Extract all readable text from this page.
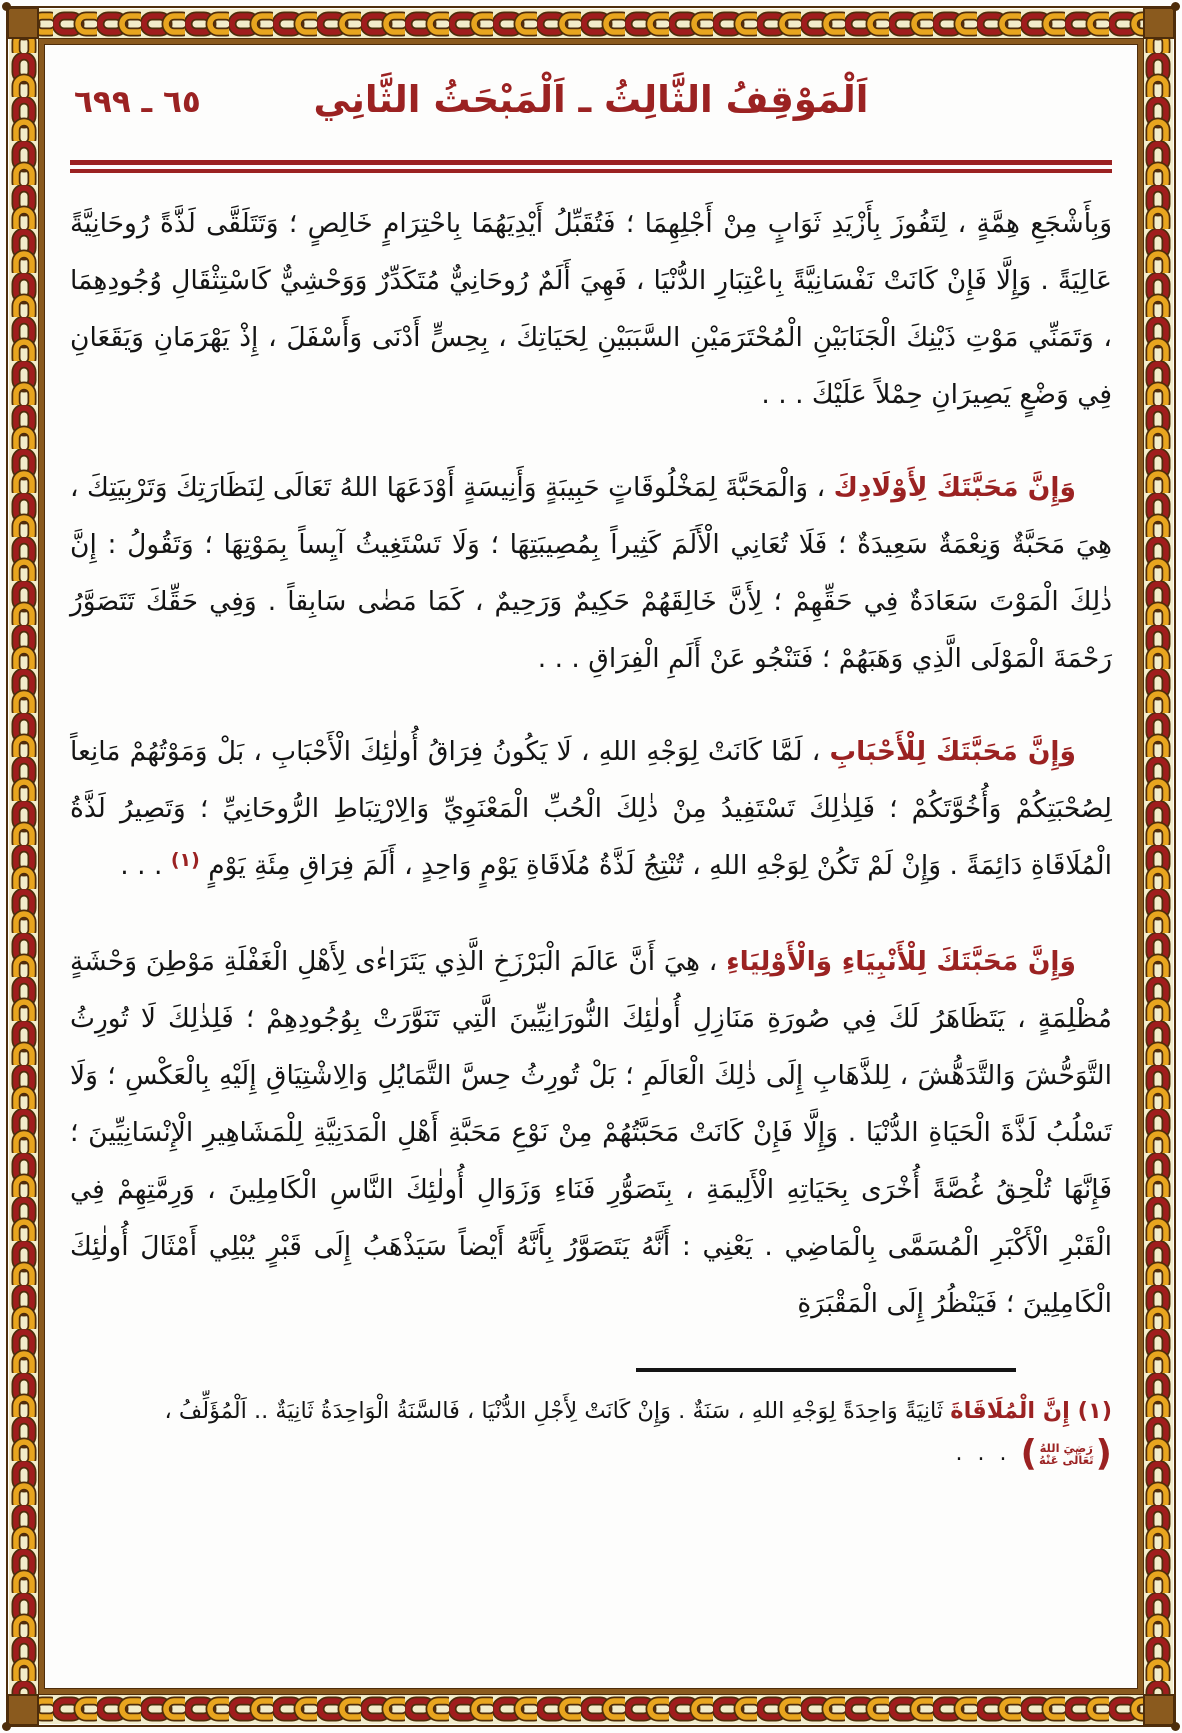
اَلْمَوْقِفُ الثَّالِثُ ـ اَلْمَبْحَثُ الثَّانِي
٦٥ ـ ٦٩٩

وَبِأَشْجَعِ هِمَّةٍ ، لِتَفُوزَ بِأَزْيَدِ ثَوَابٍ مِنْ أَجْلِهِمَا ؛ فَتُقَبِّلُ أَيْدِيَهُمَا بِاحْتِرَامٍ خَالِصٍ ؛ وَتَتَلَقَّى لَذَّةً رُوحَانِيَّةً عَالِيَةً . وَإِلَّا فَإِنْ كَانَتْ نَفْسَانِيَّةً بِاعْتِبَارِ الدُّنْيَا ، فَهِيَ أَلَمٌ رُوحَانِيٌّ مُتَكَدِّرٌ وَوَحْشِيٌّ كَاسْتِثْقَالِ وُجُودِهِمَا ، وَتَمَنِّي مَوْتِ ذَيْنِكَ الْجَنَابَيْنِ الْمُحْتَرَمَيْنِ السَّبَبَيْنِ لِحَيَاتِكَ ، بِحِسٍّ أَدْنَى وَأَسْفَلَ ، إِذْ يَهْرَمَانِ وَيَقَعَانِ فِي وَضْعٍ يَصِيرَانِ حِمْلاً عَلَيْكَ . . .

وَإِنَّ مَحَبَّتَكَ لِأَوْلَادِكَ ، وَالْمَحَبَّةَ لِمَخْلُوقَاتٍ حَبِيبَةٍ وَأَنِيسَةٍ أَوْدَعَهَا اللهُ تَعَالَى لِنَظَارَتِكَ وَتَرْبِيَتِكَ ، هِيَ مَحَبَّةٌ وَنِعْمَةٌ سَعِيدَةٌ ؛ فَلَا تُعَانِي الْأَلَمَ كَثِيراً بِمُصِيبَتِهَا ؛ وَلَا تَسْتَغِيثُ آيِساً بِمَوْتِهَا ؛ وَتَقُولُ : إِنَّ ذٰلِكَ الْمَوْتَ سَعَادَةٌ فِي حَقِّهِمْ ؛ لِأَنَّ خَالِقَهُمْ حَكِيمٌ وَرَحِيمٌ ، كَمَا مَضٰى سَابِقاً . وَفِي حَقِّكَ تَتَصَوَّرُ رَحْمَةَ الْمَوْلَى الَّذِي وَهَبَهُمْ ؛ فَتَنْجُو عَنْ أَلَمِ الْفِرَاقِ . . .

وَإِنَّ مَحَبَّتَكَ لِلْأَحْبَابِ ، لَمَّا كَانَتْ لِوَجْهِ اللهِ ، لَا يَكُونُ فِرَاقُ أُولٰئِكَ الْأَحْبَابِ ، بَلْ وَمَوْتُهُمْ مَانِعاً لِصُحْبَتِكُمْ وَأُخُوَّتَكُمْ ؛ فَلِذٰلِكَ تَسْتَفِيدُ مِنْ ذٰلِكَ الْحُبِّ الْمَعْنَوِيِّ وَالِارْتِبَاطِ الرُّوحَانِيِّ ؛ وَتَصِيرُ لَذَّةُ الْمُلَاقَاةِ دَائِمَةً . وَإِنْ لَمْ تَكُنْ لِوَجْهِ اللهِ ، تُنْتِجُ لَذَّةُ مُلَاقَاةِ يَوْمٍ وَاحِدٍ ، أَلَمَ فِرَاقِ مِئَةِ يَوْمٍ $^{(١)}$ . . .

وَإِنَّ مَحَبَّتَكَ لِلْأَنْبِيَاءِ وَالْأَوْلِيَاءِ ، هِيَ أَنَّ عَالَمَ الْبَرْزَخِ الَّذِي يَتَرَاءٰى لِأَهْلِ الْغَفْلَةِ مَوْطِنَ وَحْشَةٍ مُظْلِمَةٍ ، يَتَظَاهَرُ لَكَ فِي صُورَةِ مَنَازِلِ أُولٰئِكَ النُّورَانِيِّينَ الَّتِي تَنَوَّرَتْ بِوُجُودِهِمْ ؛ فَلِذٰلِكَ لَا تُورِثُ التَّوَحُّشَ وَالتَّدَهُّشَ ، لِلذَّهَابِ إِلَى ذٰلِكَ الْعَالَمِ ؛ بَلْ تُورِثُ حِسَّ التَّمَايُلِ وَالِاشْتِيَاقِ إِلَيْهِ بِالْعَكْسِ ؛ وَلَا تَسْلُبُ لَذَّةَ الْحَيَاةِ الدُّنْيَا . وَإِلَّا فَإِنْ كَانَتْ مَحَبَّتُهُمْ مِنْ نَوْعِ مَحَبَّةِ أَهْلِ الْمَدَنِيَّةِ لِلْمَشَاهِيرِ الْإِنْسَانِيِّينَ ؛ فَإِنَّهَا تُلْحِقُ غُصَّةً أُخْرَى بِحَيَاتِهِ الْأَلِيمَةِ ، بِتَصَوُّرِ فَنَاءِ وَزَوَالِ أُولٰئِكَ النَّاسِ الْكَامِلِينَ ، وَرِمَّتِهِمْ فِي الْقَبْرِ الْأَكْبَرِ الْمُسَمَّى بِالْمَاضِي . يَعْنِي : أَنَّهُ يَتَصَوَّرُ بِأَنَّهُ أَيْضاً سَيَذْهَبُ إِلَى قَبْرٍ يُبْلِي أَمْثَالَ أُولٰئِكَ الْكَامِلِينَ ؛ فَيَنْظُرُ إِلَى الْمَقْبَرَةِ

(١) إِنَّ الْمُلَاقَاةَ ثَانِيَةً وَاحِدَةً لِوَجْهِ اللهِ ، سَنَةٌ . وَإِنْ كَانَتْ لِأَجْلِ الدُّنْيَا ، فَالسَّنَةُ الْوَاحِدَةُ ثَانِيَةٌ .. اَلْمُؤَلِّفُ ،

(
رَضِيَ اللهُ
تَعَالٰى عَنْهُ
)
. . .
